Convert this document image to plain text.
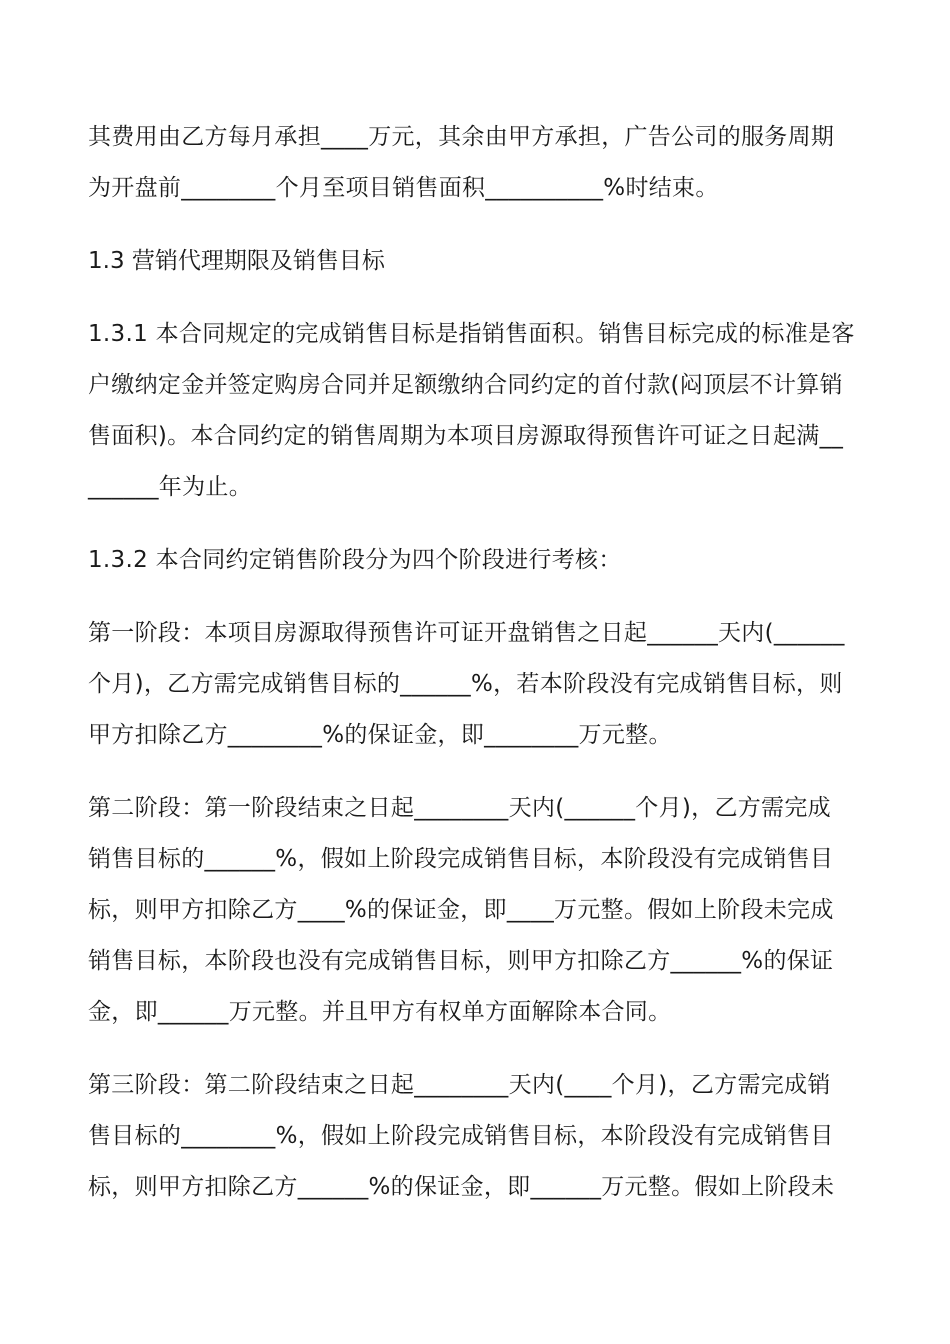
其费用由乙方每月承担____万元，其余由甲方承担，广告公司的服务周期
为开盘前________个月至项目销售面积__________%时结束。

1.3 营销代理期限及销售目标

1.3.1 本合同规定的完成销售目标是指销售面积。销售目标完成的标准是客
户缴纳定金并签定购房合同并足额缴纳合同约定的首付款(闷顶层不计算销
售面积)。本合同约定的销售周期为本项目房源取得预售许可证之日起满__
______年为止。

1.3.2 本合同约定销售阶段分为四个阶段进行考核：

第一阶段：本项目房源取得预售许可证开盘销售之日起______天内(______
个月)，乙方需完成销售目标的______%，若本阶段没有完成销售目标，则
甲方扣除乙方________%的保证金，即________万元整。

第二阶段：第一阶段结束之日起________天内(______个月)，乙方需完成
销售目标的______%，假如上阶段完成销售目标，本阶段没有完成销售目
标，则甲方扣除乙方____%的保证金，即____万元整。假如上阶段未完成
销售目标，本阶段也没有完成销售目标，则甲方扣除乙方______%的保证
金，即______万元整。并且甲方有权单方面解除本合同。

第三阶段：第二阶段结束之日起________天内(____个月)，乙方需完成销
售目标的________%，假如上阶段完成销售目标，本阶段没有完成销售目
标，则甲方扣除乙方______%的保证金，即______万元整。假如上阶段未
